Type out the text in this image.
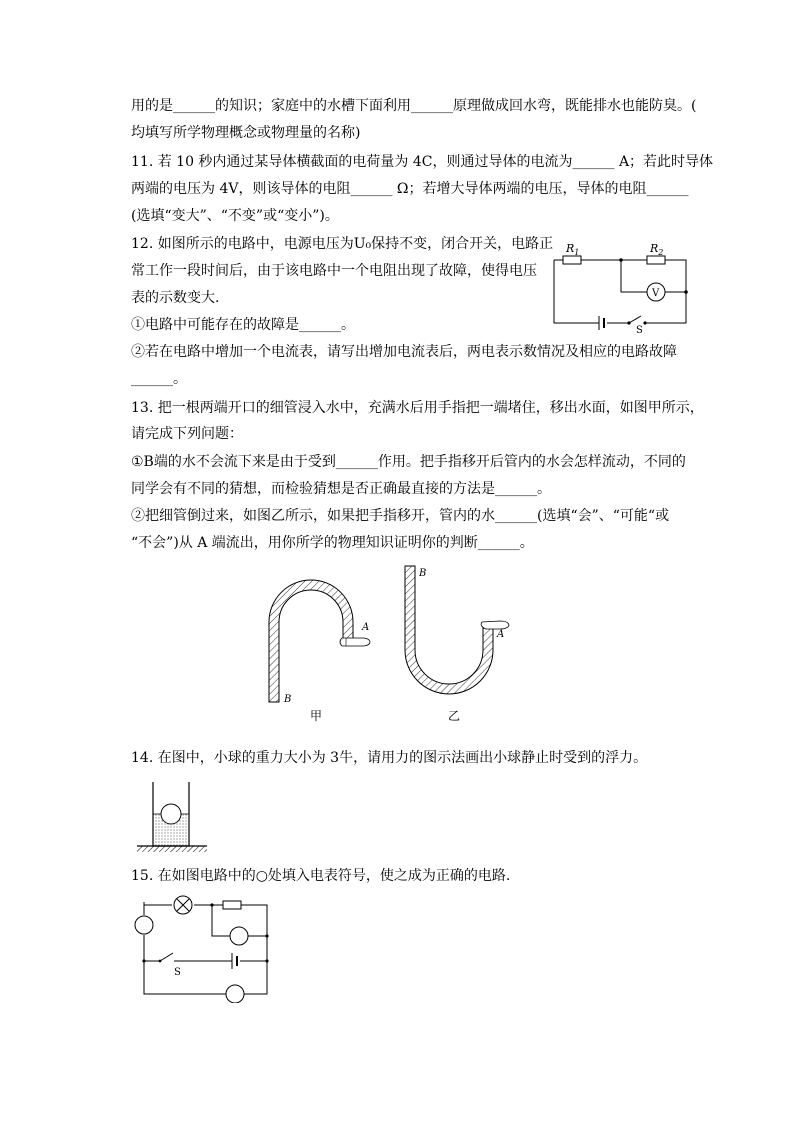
用的是______的知识；家庭中的水槽下面利用______原理做成回水弯，既能排水也能防臭。(
均填写所学物理概念或物理量的名称)
11. 若 10 秒内通过某导体横截面的电荷量为 4C，则通过导体的电流为______ A；若此时导体
两端的电压为 4V，则该导体的电阻______ Ω；若增大导体两端的电压，导体的电阻______
(选填“变大”、“不变”或“变小”)。
12. 如图所示的电路中，电源电压为U₀保持不变，闭合开关，电路正
常工作一段时间后，由于该电路中一个电阻出现了故障，使得电压
表的示数变大.
①电路中可能存在的故障是______。
②若在电路中增加一个电流表，请写出增加电流表后，两电表示数情况及相应的电路故障
______。
13. 把一根两端开口的细管浸入水中，充满水后用手指把一端堵住，移出水面，如图甲所示，
请完成下列问题：
①B端的水不会流下来是由于受到______作用。把手指移开后管内的水会怎样流动，不同的
同学会有不同的猜想，而检验猜想是否正确最直接的方法是______。
②把细管倒过来，如图乙所示，如果把手指移开，管内的水______(选填“会”、“可能“或
“不会”)从 A 端流出，用你所学的物理知识证明你的判断______。
14. 在图中，小球的重力大小为 3牛，请用力的图示法画出小球静止时受到的浮力。
15. 在如图电路中的○处填入电表符号，使之成为正确的电路.
$R_1$	$R_2$
V
S
A
B
B
A
甲	乙
S
